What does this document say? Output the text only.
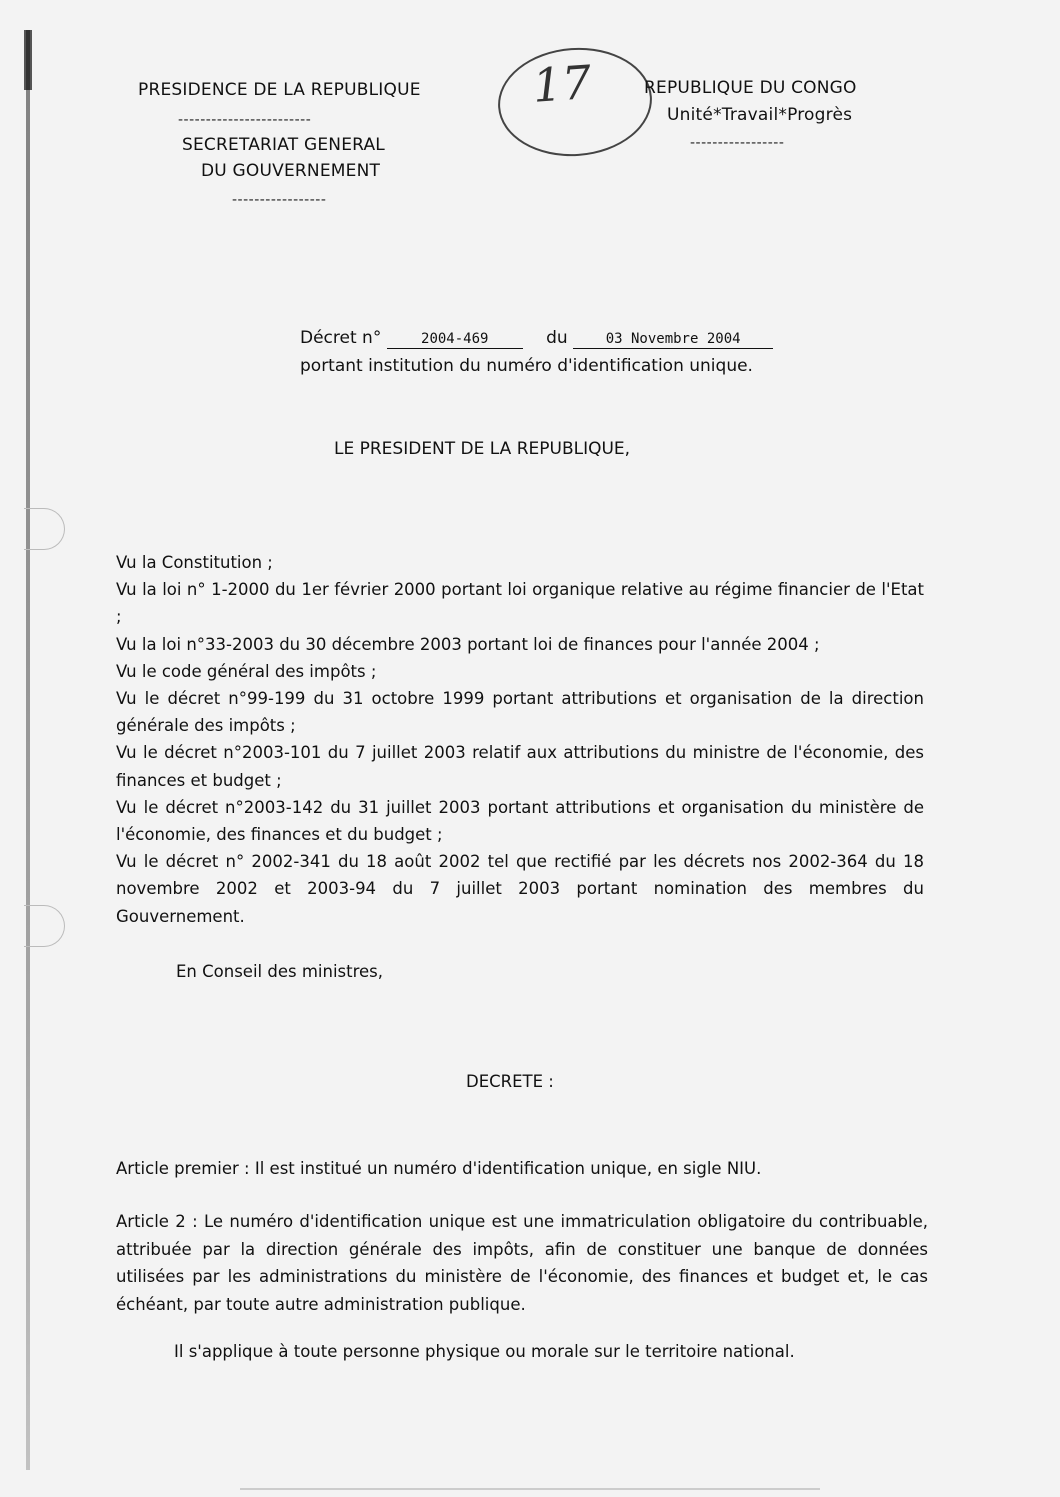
PRESIDENCE DE LA REPUBLIQUE
------------------------
SECRETARIAT GENERAL
DU GOUVERNEMENT
-----------------
17	REPUBLIQUE DU CONGO
Unité*Travail*Progrès
-----------------
Décret n°	2004-469	du	03 Novembre 2004
portant institution du numéro d'identification unique.
LE PRESIDENT DE LA REPUBLIQUE,

Vu la Constitution ;

Vu la loi n° 1-2000 du 1er février 2000 portant loi organique relative au régime financier de l'Etat ;

Vu la loi n°33-2003 du 30 décembre 2003 portant loi de finances pour l'année 2004 ;

Vu le code général des impôts ;

Vu le décret n°99-199 du 31 octobre 1999 portant attributions et organisation de la direction générale des impôts ;

Vu le décret n°2003-101 du 7 juillet 2003 relatif aux attributions du ministre de l'économie, des finances et budget ;

Vu le décret n°2003-142 du 31 juillet 2003 portant attributions et organisation du ministère de l'économie, des finances et du budget ;

Vu le décret n° 2002-341 du 18 août 2002 tel que rectifié par les décrets nos 2002-364 du 18 novembre 2002 et 2003-94 du 7 juillet 2003 portant nomination des membres du Gouvernement.

En Conseil des ministres,
DECRETE :

Article premier : Il est institué un numéro d'identification unique, en sigle NIU.

Article 2 : Le numéro d'identification unique est une immatriculation obligatoire du contribuable, attribuée par la direction générale des impôts, afin de constituer une banque de données utilisées par les administrations du ministère de l'économie, des finances et budget et, le cas échéant, par toute autre administration publique.

Il s'applique à toute personne physique ou morale sur le territoire national.
